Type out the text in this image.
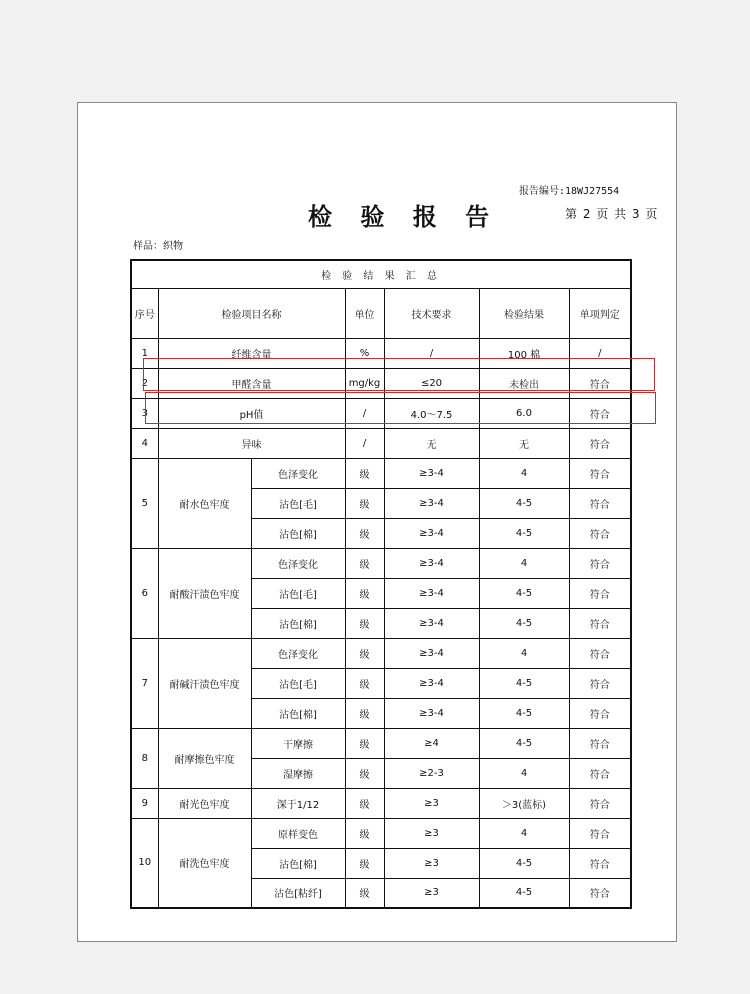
报告编号:18WJ27554
检 验 报 告	第 2 页 共 3 页
样品：织物
检 验 结 果 汇 总						
序号	检验项目名称		单位	技术要求	检验结果	单项判定
1	纤维含量		%	/	100 棉	/
2	甲醛含量		mg/kg	≤20	未检出	符合
3	pH值		/	4.0～7.5	6.0	符合
4	异味		/	无	无	符合
5	耐水色牢度	色泽变化	级	≥3-4	4	符合
		沾色[毛]	级	≥3-4	4-5	符合
		沾色[棉]	级	≥3-4	4-5	符合
6	耐酸汗渍色牢度	色泽变化	级	≥3-4	4	符合
		沾色[毛]	级	≥3-4	4-5	符合
		沾色[棉]	级	≥3-4	4-5	符合
7	耐碱汗渍色牢度	色泽变化	级	≥3-4	4	符合
		沾色[毛]	级	≥3-4	4-5	符合
		沾色[棉]	级	≥3-4	4-5	符合
8	耐摩擦色牢度	干摩擦	级	≥4	4-5	符合
		湿摩擦	级	≥2-3	4	符合
9	耐光色牢度	深于1/12	级	≥3	＞3(蓝标)	符合
10	耐洗色牢度	原样变色	级	≥3	4	符合
		沾色[棉]	级	≥3	4-5	符合
		沾色[粘纤]	级	≥3	4-5	符合
